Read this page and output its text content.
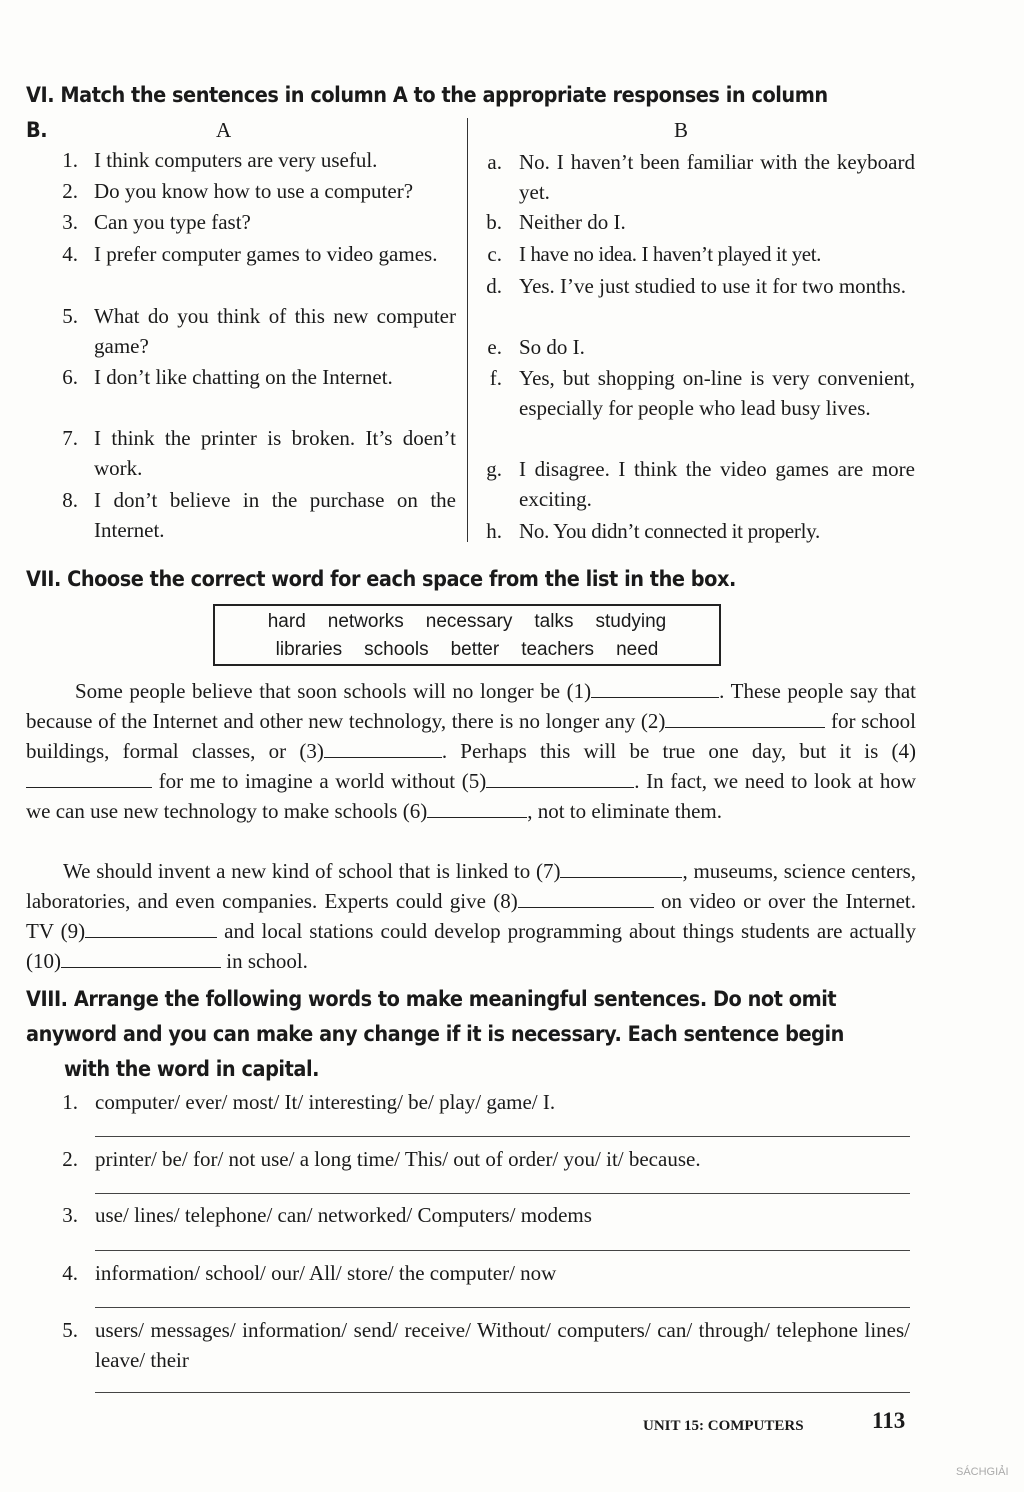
VI. Match the sentences in column A to the appropriate responses in column B.	A	B
1. I think computers are very useful.
2. Do you know how to use a computer?
3. Can you type fast?
4. I prefer computer games to video games.
5. What do you think of this new computer game?
6. I don’t like chatting on the Internet.
7. I think the printer is broken. It’s doen’t work.
8. I don’t believe in the purchase on the Internet.
a. No. I haven’t been familiar with the keyboard yet.
b. Neither do I.
c. I have no idea. I haven’t played it yet.
d. Yes. I’ve just studied to use it for two months.
e. So do I.
f. Yes, but shopping on-line is very convenient, especially for people who lead busy lives.
g. I disagree. I think the video games are more exciting.
h. No. You didn’t connected it properly.
VII. Choose the correct word for each space from the list in the box.
hard networks necessary talks studying
libraries schools better teachers need
Some people believe that soon schools will no longer be (1)	. These people say that because of the Internet and other new technology, there is no longer any (2)	for school buildings, formal classes, or (3)	. Perhaps this will be true one day, but it is (4) for me to imagine a world without (5)	. In fact, we need to look at how we can use new technology to make schools (6)	, not to eliminate them.
We should invent a new kind of school that is linked to (7)	, museums, science centers, laboratories, and even companies. Experts could give (8)	on video or over the Internet. TV (9)	and local stations could develop programming about things students are actually (10)	in school.
VIII. Arrange the following words to make meaningful sentences. Do not omit any word and you can make any change if it is necessary. Each sentence begin
with the word in capital.
1. computer/ ever/ most/ It/ interesting/ be/ play/ game/ I.
2. printer/ be/ for/ not use/ a long time/ This/ out of order/ you/ it/ because.
3. use/ lines/ telephone/ can/ networked/ Computers/ modems
4. information/ school/ our/ All/ store/ the computer/ now
5. users/ messages/ information/ send/ receive/ Without/ computers/ can/ through/ telephone lines/ leave/ their
UNIT 15: COMPUTERS	113
SÁCHGIẢI
